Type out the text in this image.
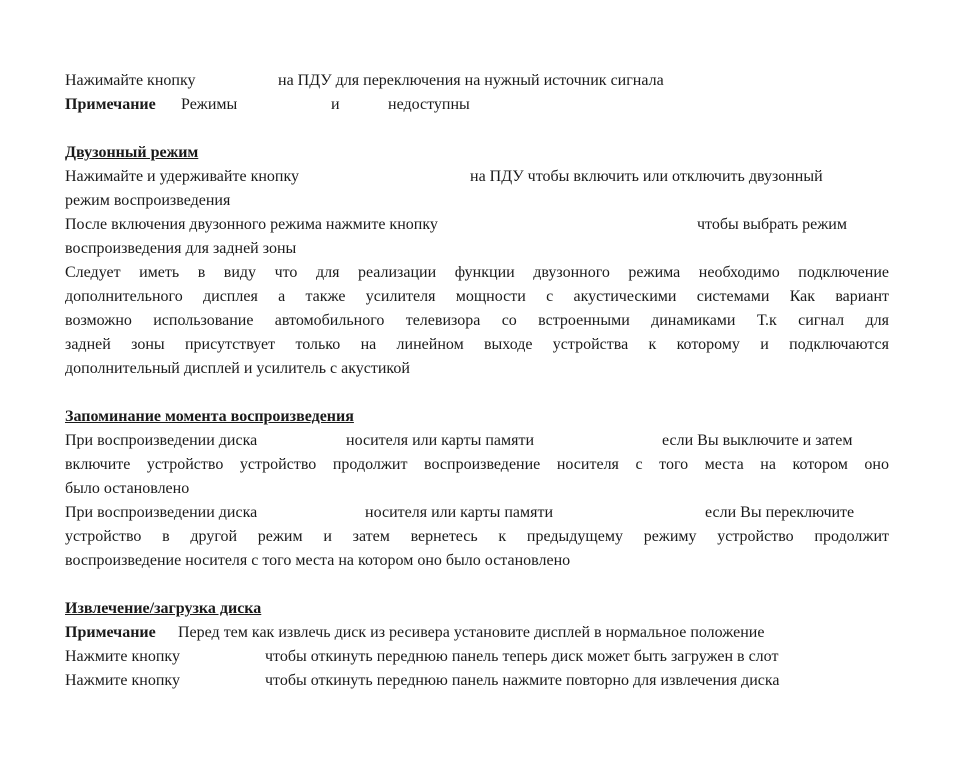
Нажимайте кнопку	на ПДУ для переключения на нужный источник сигнала
Примечание Режимы	и	недоступны
Двузонный режим
Нажимайте и удерживайте кнопку	на ПДУ чтобы включить или отключить двузонный
режим воспроизведения
После включения двузонного режима нажмите кнопку	чтобы выбрать режим
воспроизведения для задней зоны
Следует иметь в виду что для реализации функции двузонного режима необходимо подключение
дополнительного дисплея а также усилителя мощности с акустическими системами Как вариант
возможно использование автомобильного телевизора со встроенными динамиками Т.к сигнал для
задней зоны присутствует только на линейном выходе устройства к которому и подключаются
дополнительный дисплей и усилитель с акустикой
Запоминание момента воспроизведения
При воспроизведении диска	носителя или карты памяти	если Вы выключите и затем
включите устройство устройство продолжит воспроизведение носителя с того места на котором оно
было остановлено
При воспроизведении диска	носителя или карты памяти	если Вы переключите
устройство в другой режим и затем вернетесь к предыдущему режиму устройство продолжит
воспроизведение носителя с того места на котором оно было остановлено
Извлечение/загрузка диска
Примечание Перед тем как извлечь диск из ресивера установите дисплей в нормальное положение
Нажмите кнопку	чтобы откинуть переднюю панель теперь диск может быть загружен в слот
Нажмите кнопку	чтобы откинуть переднюю панель нажмите повторно для извлечения диска
